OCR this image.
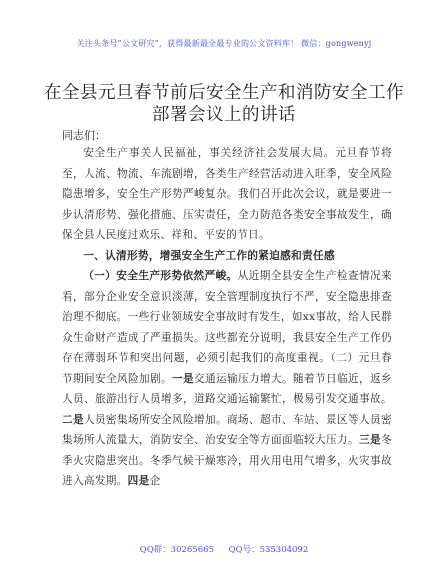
关注头条号“公文研究”，获得最新最全最专业的公文资料库！ 微信：gongwenyj
在全县元旦春节前后安全生产和消防安全工作
部署会议上的讲话
同志们：

安全生产事关人民福祉，事关经济社会发展大局。元旦春节将至，人流、物流、车流剧增，各类生产经营活动进入旺季，安全风险隐患增多，安全生产形势严峻复杂。我们召开此次会议，就是要进一步认清形势、强化措施、压实责任，全力防范各类安全事故发生，确保全县人民度过欢乐、祥和、平安的节日。

一、认清形势，增强安全生产工作的紧迫感和责任感

（一）安全生产形势依然严峻。从近期全县安全生产检查情况来看，部分企业安全意识淡薄，安全管理制度执行不严，安全隐患排查治理不彻底。一些行业领域安全事故时有发生，如xx事故，给人民群众生命财产造成了严重损失。这些都充分说明，我县安全生产工作仍存在薄弱环节和突出问题，必须引起我们的高度重视。（二）元旦春节期间安全风险加剧。一是交通运输压力增大。随着节日临近，返乡人员、旅游出行人员增多，道路交通运输繁忙，极易引发交通事故。二是人员密集场所安全风险增加。商场、超市、车站、景区等人员密集场所人流量大，消防安全、治安安全等方面面临较大压力。三是冬季火灾隐患突出。冬季气候干燥寒冷，用火用电用气增多，火灾事故进入高发期。四是企

QQ群：30265665 QQ号：535304092
